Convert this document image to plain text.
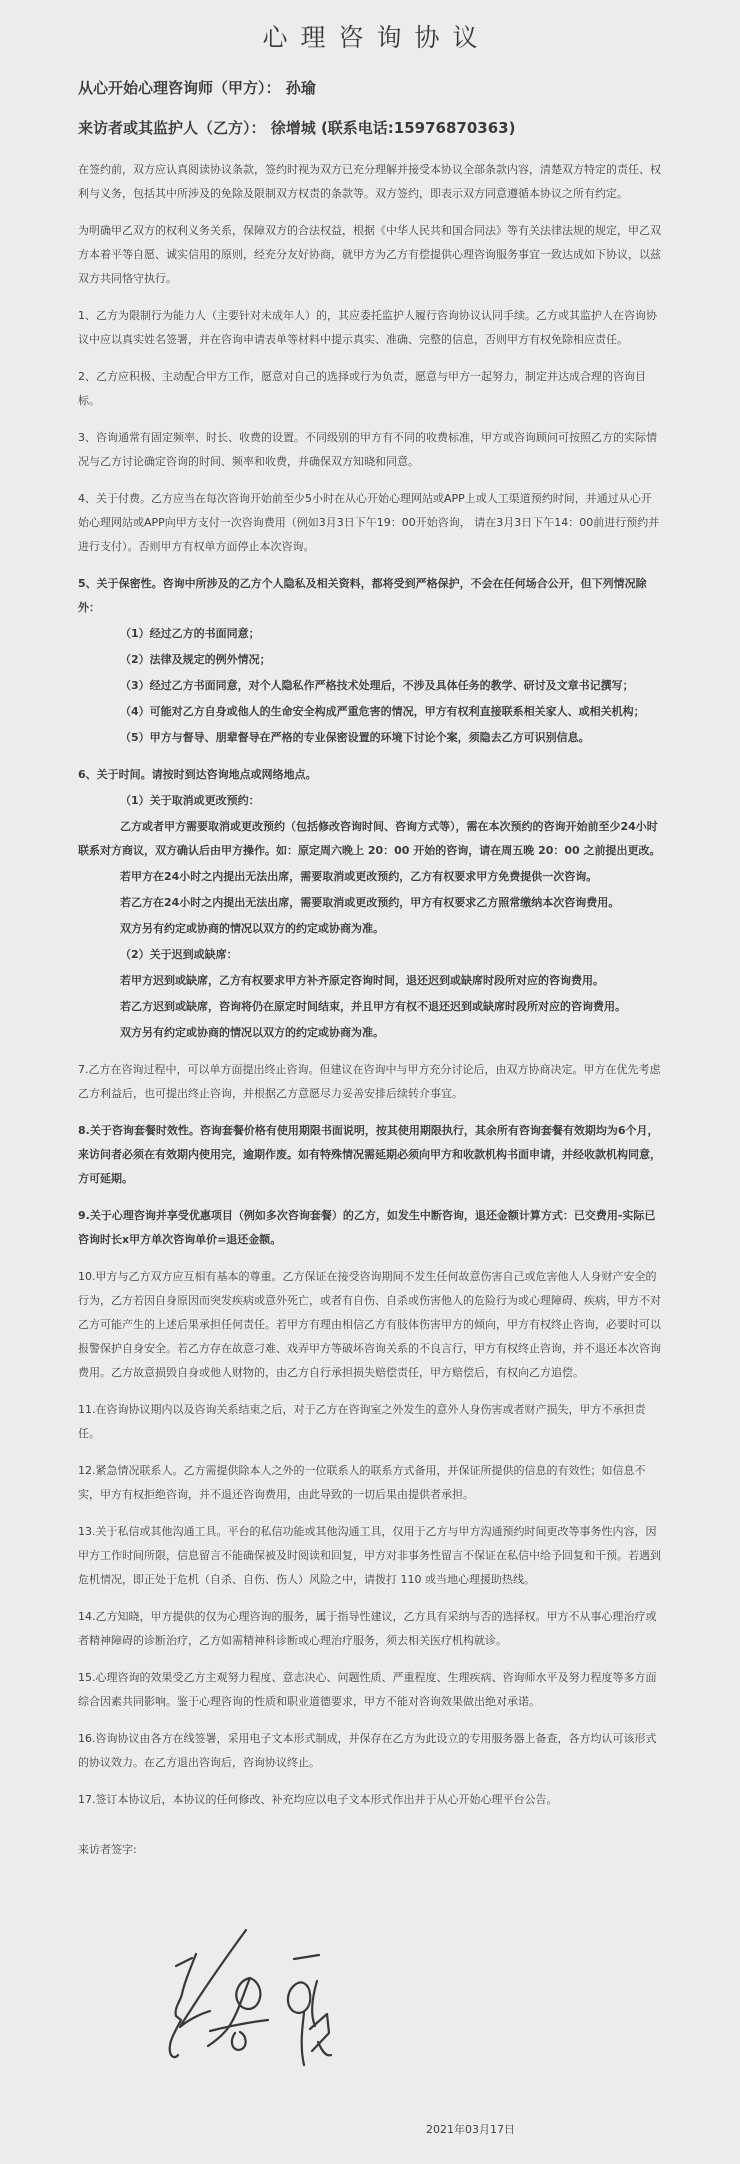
心理咨询协议
从心开始心理咨询师（甲方）： 孙瑜
来访者或其监护人（乙方）： 徐增城 (联系电话:15976870363)

在签约前，双方应认真阅读协议条款，签约时视为双方已充分理解并接受本协议全部条款内容，清楚双方特定的责任、权利与义务，包括其中所涉及的免除及限制双方权责的条款等。双方签约，即表示双方同意遵循本协议之所有约定。

为明确甲乙双方的权利义务关系，保障双方的合法权益，根据《中华人民共和国合同法》等有关法律法规的规定，甲乙双方本着平等自愿、诚实信用的原则，经充分友好协商，就甲方为乙方有偿提供心理咨询服务事宜一致达成如下协议，以兹双方共同恪守执行。

1、乙方为限制行为能力人（主要针对未成年人）的，其应委托监护人履行咨询协议认同手续。乙方或其监护人在咨询协议中应以真实姓名签署，并在咨询申请表单等材料中提示真实、准确、完整的信息，否则甲方有权免除相应责任。

2、乙方应积极、主动配合甲方工作，愿意对自己的选择或行为负责，愿意与甲方一起努力，制定并达成合理的咨询目标。

3、咨询通常有固定频率、时长、收费的设置。不同级别的甲方有不同的收费标准，甲方或咨询顾问可按照乙方的实际情况与乙方讨论确定咨询的时间、频率和收费，并确保双方知晓和同意。

4、关于付费。乙方应当在每次咨询开始前至少5小时在从心开始心理网站或APP上或人工渠道预约时间，并通过从心开始心理网站或APP向甲方支付一次咨询费用（例如3月3日下午19：00开始咨询， 请在3月3日下午14：00前进行预约并进行支付）。否则甲方有权单方面停止本次咨询。

5、关于保密性。咨询中所涉及的乙方个人隐私及相关资料，都将受到严格保护，不会在任何场合公开，但下列情况除外：

（1）经过乙方的书面同意；

（2）法律及规定的例外情况；

（3）经过乙方书面同意，对个人隐私作严格技术处理后，不涉及具体任务的教学、研讨及文章书记撰写；

（4）可能对乙方自身或他人的生命安全构成严重危害的情况，甲方有权利直接联系相关家人、或相关机构；

（5）甲方与督导、朋辈督导在严格的专业保密设置的环境下讨论个案，须隐去乙方可识别信息。

6、关于时间。请按时到达咨询地点或网络地点。

（1）关于取消或更改预约：

乙方或者甲方需要取消或更改预约（包括修改咨询时间、咨询方式等），需在本次预约的咨询开始前至少24小时联系对方商议，双方确认后由甲方操作。如：原定周六晚上 20：00 开始的咨询，请在周五晚 20：00 之前提出更改。

若甲方在24小时之内提出无法出席，需要取消或更改预约，乙方有权要求甲方免费提供一次咨询。

若乙方在24小时之内提出无法出席，需要取消或更改预约，甲方有权要求乙方照常缴纳本次咨询费用。

双方另有约定或协商的情况以双方的约定或协商为准。

（2）关于迟到或缺席：

若甲方迟到或缺席，乙方有权要求甲方补齐原定咨询时间，退还迟到或缺席时段所对应的咨询费用。

若乙方迟到或缺席，咨询将仍在原定时间结束，并且甲方有权不退还迟到或缺席时段所对应的咨询费用。

双方另有约定或协商的情况以双方的约定或协商为准。

7.乙方在咨询过程中，可以单方面提出终止咨询。但建议在咨询中与甲方充分讨论后，由双方协商决定。甲方在优先考虑乙方利益后，也可提出终止咨询，并根据乙方意愿尽力妥善安排后续转介事宜。

8.关于咨询套餐时效性。咨询套餐价格有使用期限书面说明，按其使用期限执行，其余所有咨询套餐有效期均为6个月，来访问者必须在有效期内使用完，逾期作废。如有特殊情况需延期必须向甲方和收款机构书面申请，并经收款机构同意，方可延期。

9.关于心理咨询并享受优惠项目（例如多次咨询套餐）的乙方，如发生中断咨询，退还金额计算方式：已交费用-实际已咨询时长x甲方单次咨询单价=退还金额。

10.甲方与乙方双方应互相有基本的尊重。乙方保证在接受咨询期间不发生任何故意伤害自己或危害他人人身财产安全的行为，乙方若因自身原因而突发疾病或意外死亡，或者有自伤、自杀或伤害他人的危险行为或心理障碍、疾病，甲方不对乙方可能产生的上述后果承担任何责任。若甲方有理由相信乙方有肢体伤害甲方的倾向，甲方有权终止咨询，必要时可以报警保护自身安全。若乙方存在故意刁难、戏弄甲方等破坏咨询关系的不良言行，甲方有权终止咨询，并不退还本次咨询费用。乙方故意损毁自身或他人财物的，由乙方自行承担损失赔偿责任，甲方赔偿后，有权向乙方追偿。

11.在咨询协议期内以及咨询关系结束之后，对于乙方在咨询室之外发生的意外人身伤害或者财产损失，甲方不承担责任。

12.紧急情况联系人。乙方需提供除本人之外的一位联系人的联系方式备用，并保证所提供的信息的有效性；如信息不实，甲方有权拒绝咨询，并不退还咨询费用，由此导致的一切后果由提供者承担。

13.关于私信或其他沟通工具。平台的私信功能或其他沟通工具，仅用于乙方与甲方沟通预约时间更改等事务性内容，因甲方工作时间所限，信息留言不能确保被及时阅读和回复，甲方对非事务性留言不保证在私信中给予回复和干预。若遇到危机情况，即正处于危机（自杀、自伤、伤人）风险之中，请拨打 110 或当地心理援助热线。

14.乙方知晓，甲方提供的仅为心理咨询的服务，属于指导性建议，乙方具有采纳与否的选择权。甲方不从事心理治疗或者精神障碍的诊断治疗，乙方如需精神科诊断或心理治疗服务，须去相关医疗机构就诊。

15.心理咨询的效果受乙方主观努力程度、意志决心、问题性质、严重程度、生理疾病、咨询师水平及努力程度等多方面综合因素共同影响。鉴于心理咨询的性质和职业道德要求，甲方不能对咨询效果做出绝对承诺。

16.咨询协议由各方在线签署，采用电子文本形式制成，并保存在乙方为此设立的专用服务器上备查，各方均认可该形式的协议效力。在乙方退出咨询后，咨询协议终止。

17.签订本协议后，本协议的任何修改、补充均应以电子文本形式作出并于从心开始心理平台公告。

来访者签字:
2021年03月17日
